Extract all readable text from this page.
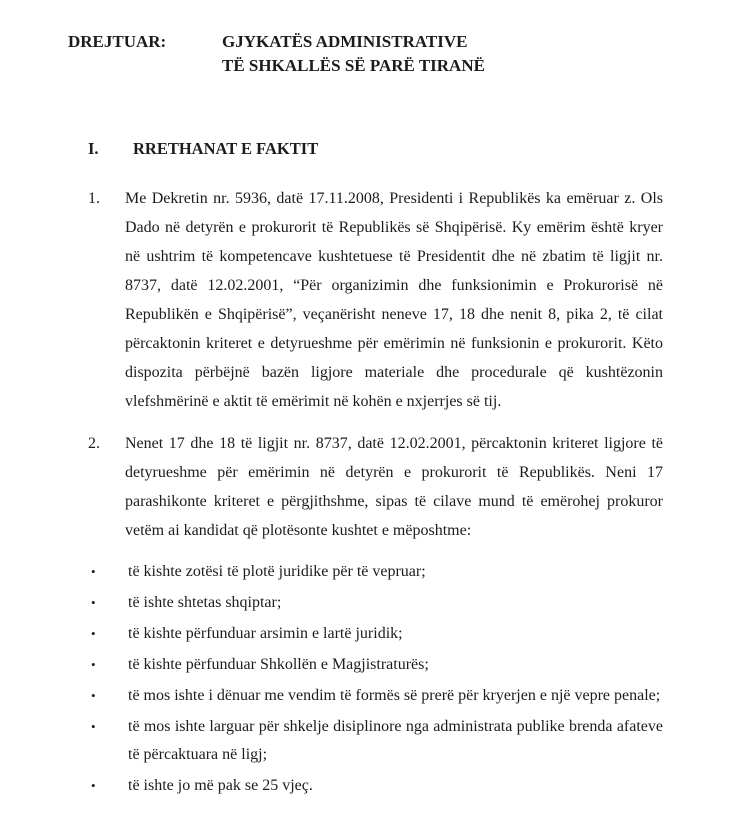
DREJTUAR:	GJYKATËS ADMINISTRATIVE
TË SHKALLËS SË PARË TIRANË
I.	RRETHANAT E FAKTIT
1.	Me Dekretin nr. 5936, datë 17.11.2008, Presidenti i Republikës ka emëruar z. Ols Dado në detyrën e prokurorit të Republikës së Shqipërisë. Ky emërim është kryer në ushtrim të kompetencave kushtetuese të Presidentit dhe në zbatim të ligjit nr. 8737, datë 12.02.2001, “Për organizimin dhe funksionimin e Prokurorisë në Republikën e Shqipërisë”, veçanërisht neneve 17, 18 dhe nenit 8, pika 2, të cilat përcaktonin kriteret e detyrueshme për emërimin në funksionin e prokurorit. Këto dispozita përbëjnë bazën ligjore materiale dhe procedurale që kushtëzonin vlefshmërinë e aktit të emërimit në kohën e nxjerrjes së tij.
2.	Nenet 17 dhe 18 të ligjit nr. 8737, datë 12.02.2001, përcaktonin kriteret ligjore të detyrueshme për emërimin në detyrën e prokurorit të Republikës. Neni 17 parashikonte kriteret e përgjithshme, sipas të cilave mund të emërohej prokuror vetëm ai kandidat që plotësonte kushtet e mëposhtme:
•	të kishte zotësi të plotë juridike për të vepruar;
•	të ishte shtetas shqiptar;
•	të kishte përfunduar arsimin e lartë juridik;
•	të kishte përfunduar Shkollën e Magjistraturës;
•	të mos ishte i dënuar me vendim të formës së prerë për kryerjen e një vepre penale;
•	të mos ishte larguar për shkelje disiplinore nga administrata publike brenda afateve të përcaktuara në ligj;
•	të ishte jo më pak se 25 vjeç.
